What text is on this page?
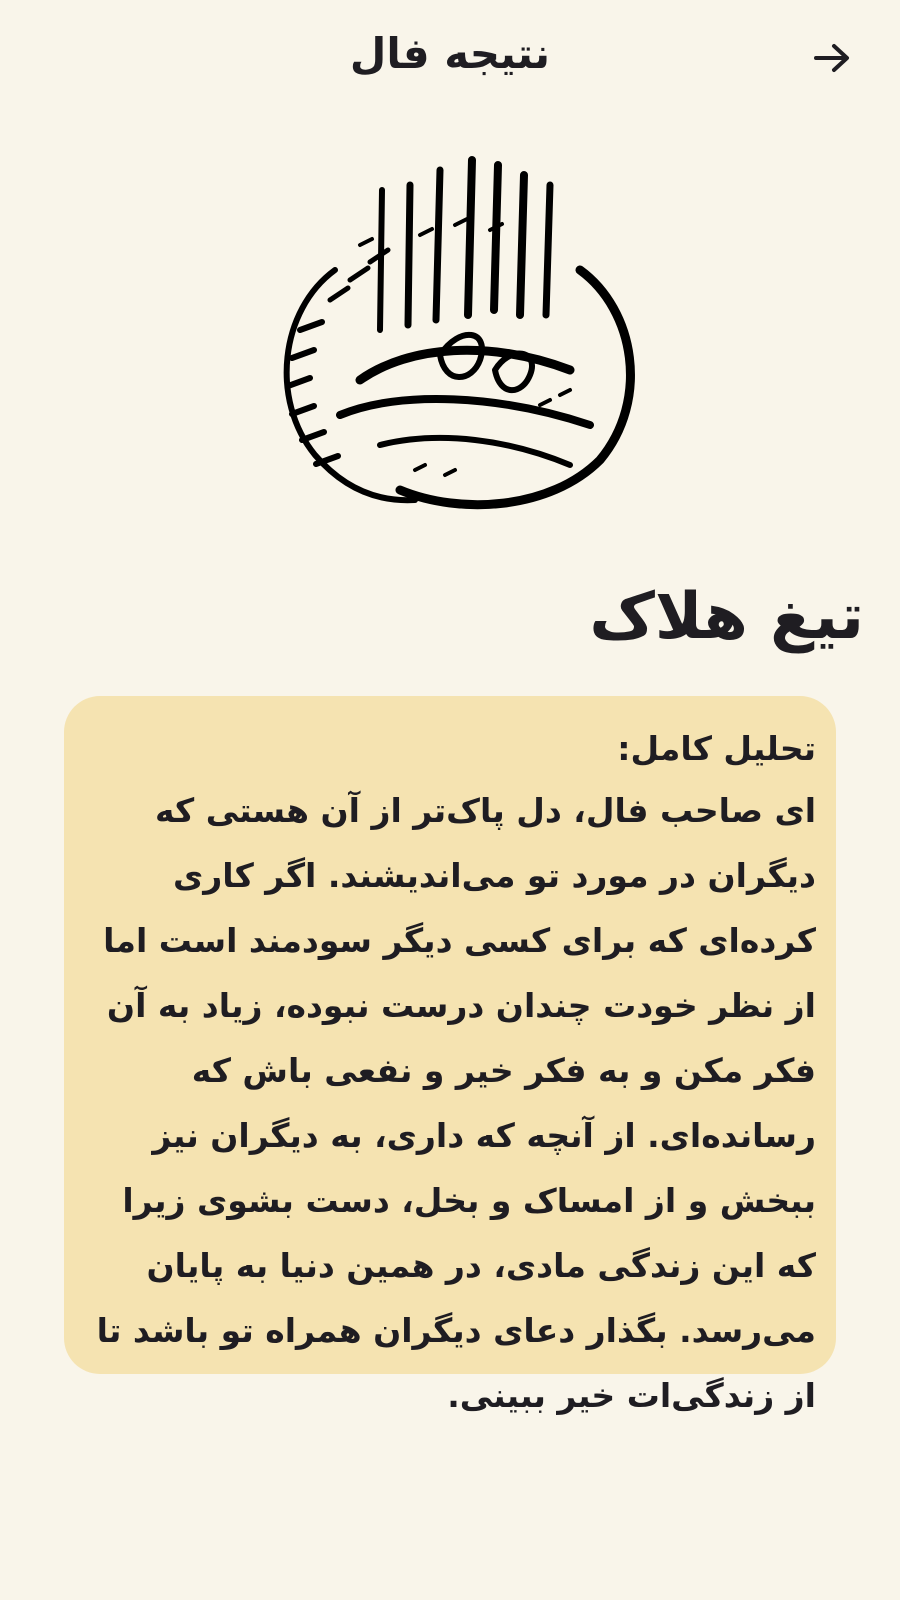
نتیجه فال
تیغ هلاک

تحلیل کامل:

ای صاحب فال، دل پاک‌تر از آن هستی که دیگران در مورد تو می‌اندیشند. اگر کاری کرده‌ای که برای کسی دیگر سودمند است اما از نظر خودت چندان درست نبوده، زیاد به آن فکر مکن و به فکر خیر و نفعی باش که رسانده‌ای. از آنچه که داری، به دیگران نیز ببخش و از امساک و بخل، دست بشوی زیرا که این زندگی مادی، در همین دنیا به پایان می‌رسد. بگذار دعای دیگران همراه تو باشد تا از زندگی‌ات خیر ببینی.
